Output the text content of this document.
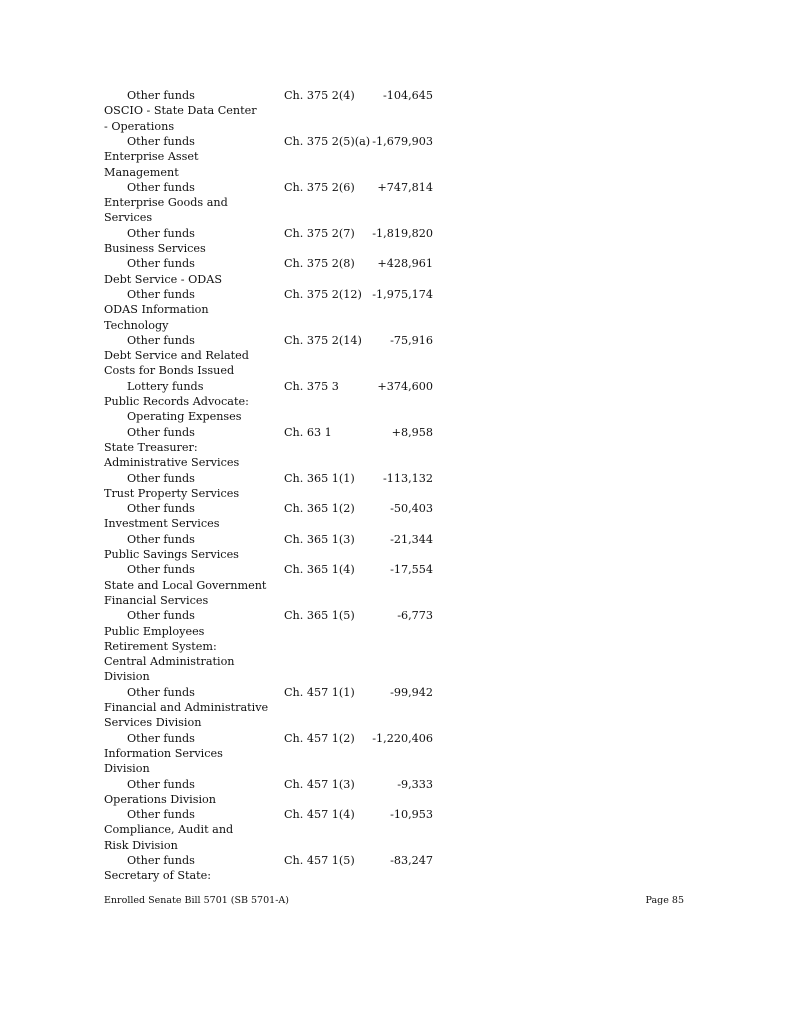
Other funds	Ch. 375 2(4)	-104,645
OSCIO - State Data Center
- Operations
Other funds	Ch. 375 2(5)(a) -1,679,903
Enterprise Asset
Management
Other funds	Ch. 375 2(6) +747,814
Enterprise Goods and
Services
Other funds	Ch. 375 2(7) -1,819,820
Business Services
Other funds	Ch. 375 2(8) +428,961
Debt Service - ODAS
Other funds	Ch. 375 2(12) -1,975,174
ODAS Information
Technology
Other funds	Ch. 375 2(14)	-75,916
Debt Service and Related
Costs for Bonds Issued
Lottery funds	Ch. 375 3	+374,600
Public Records Advocate:
Operating Expenses
Other funds	Ch. 63 1	+8,958
State Treasurer:
Administrative Services
Other funds	Ch. 365 1(1)	-113,132
Trust Property Services
Other funds	Ch. 365 1(2)	-50,403
Investment Services
Other funds	Ch. 365 1(3)	-21,344
Public Savings Services
Other funds	Ch. 365 1(4)	-17,554
State and Local Government
Financial Services
Other funds	Ch. 365 1(5)	-6,773
Public Employees
Retirement System:
Central Administration
Division
Other funds	Ch. 457 1(1)	-99,942
Financial and Administrative
Services Division
Other funds	Ch. 457 1(2) -1,220,406
Information Services
Division
Other funds	Ch. 457 1(3)	-9,333
Operations Division
Other funds	Ch. 457 1(4)	-10,953
Compliance, Audit and
Risk Division
Other funds	Ch. 457 1(5)	-83,247
Secretary of State:
Enrolled Senate Bill 5701 (SB 5701-A)	Page 85
